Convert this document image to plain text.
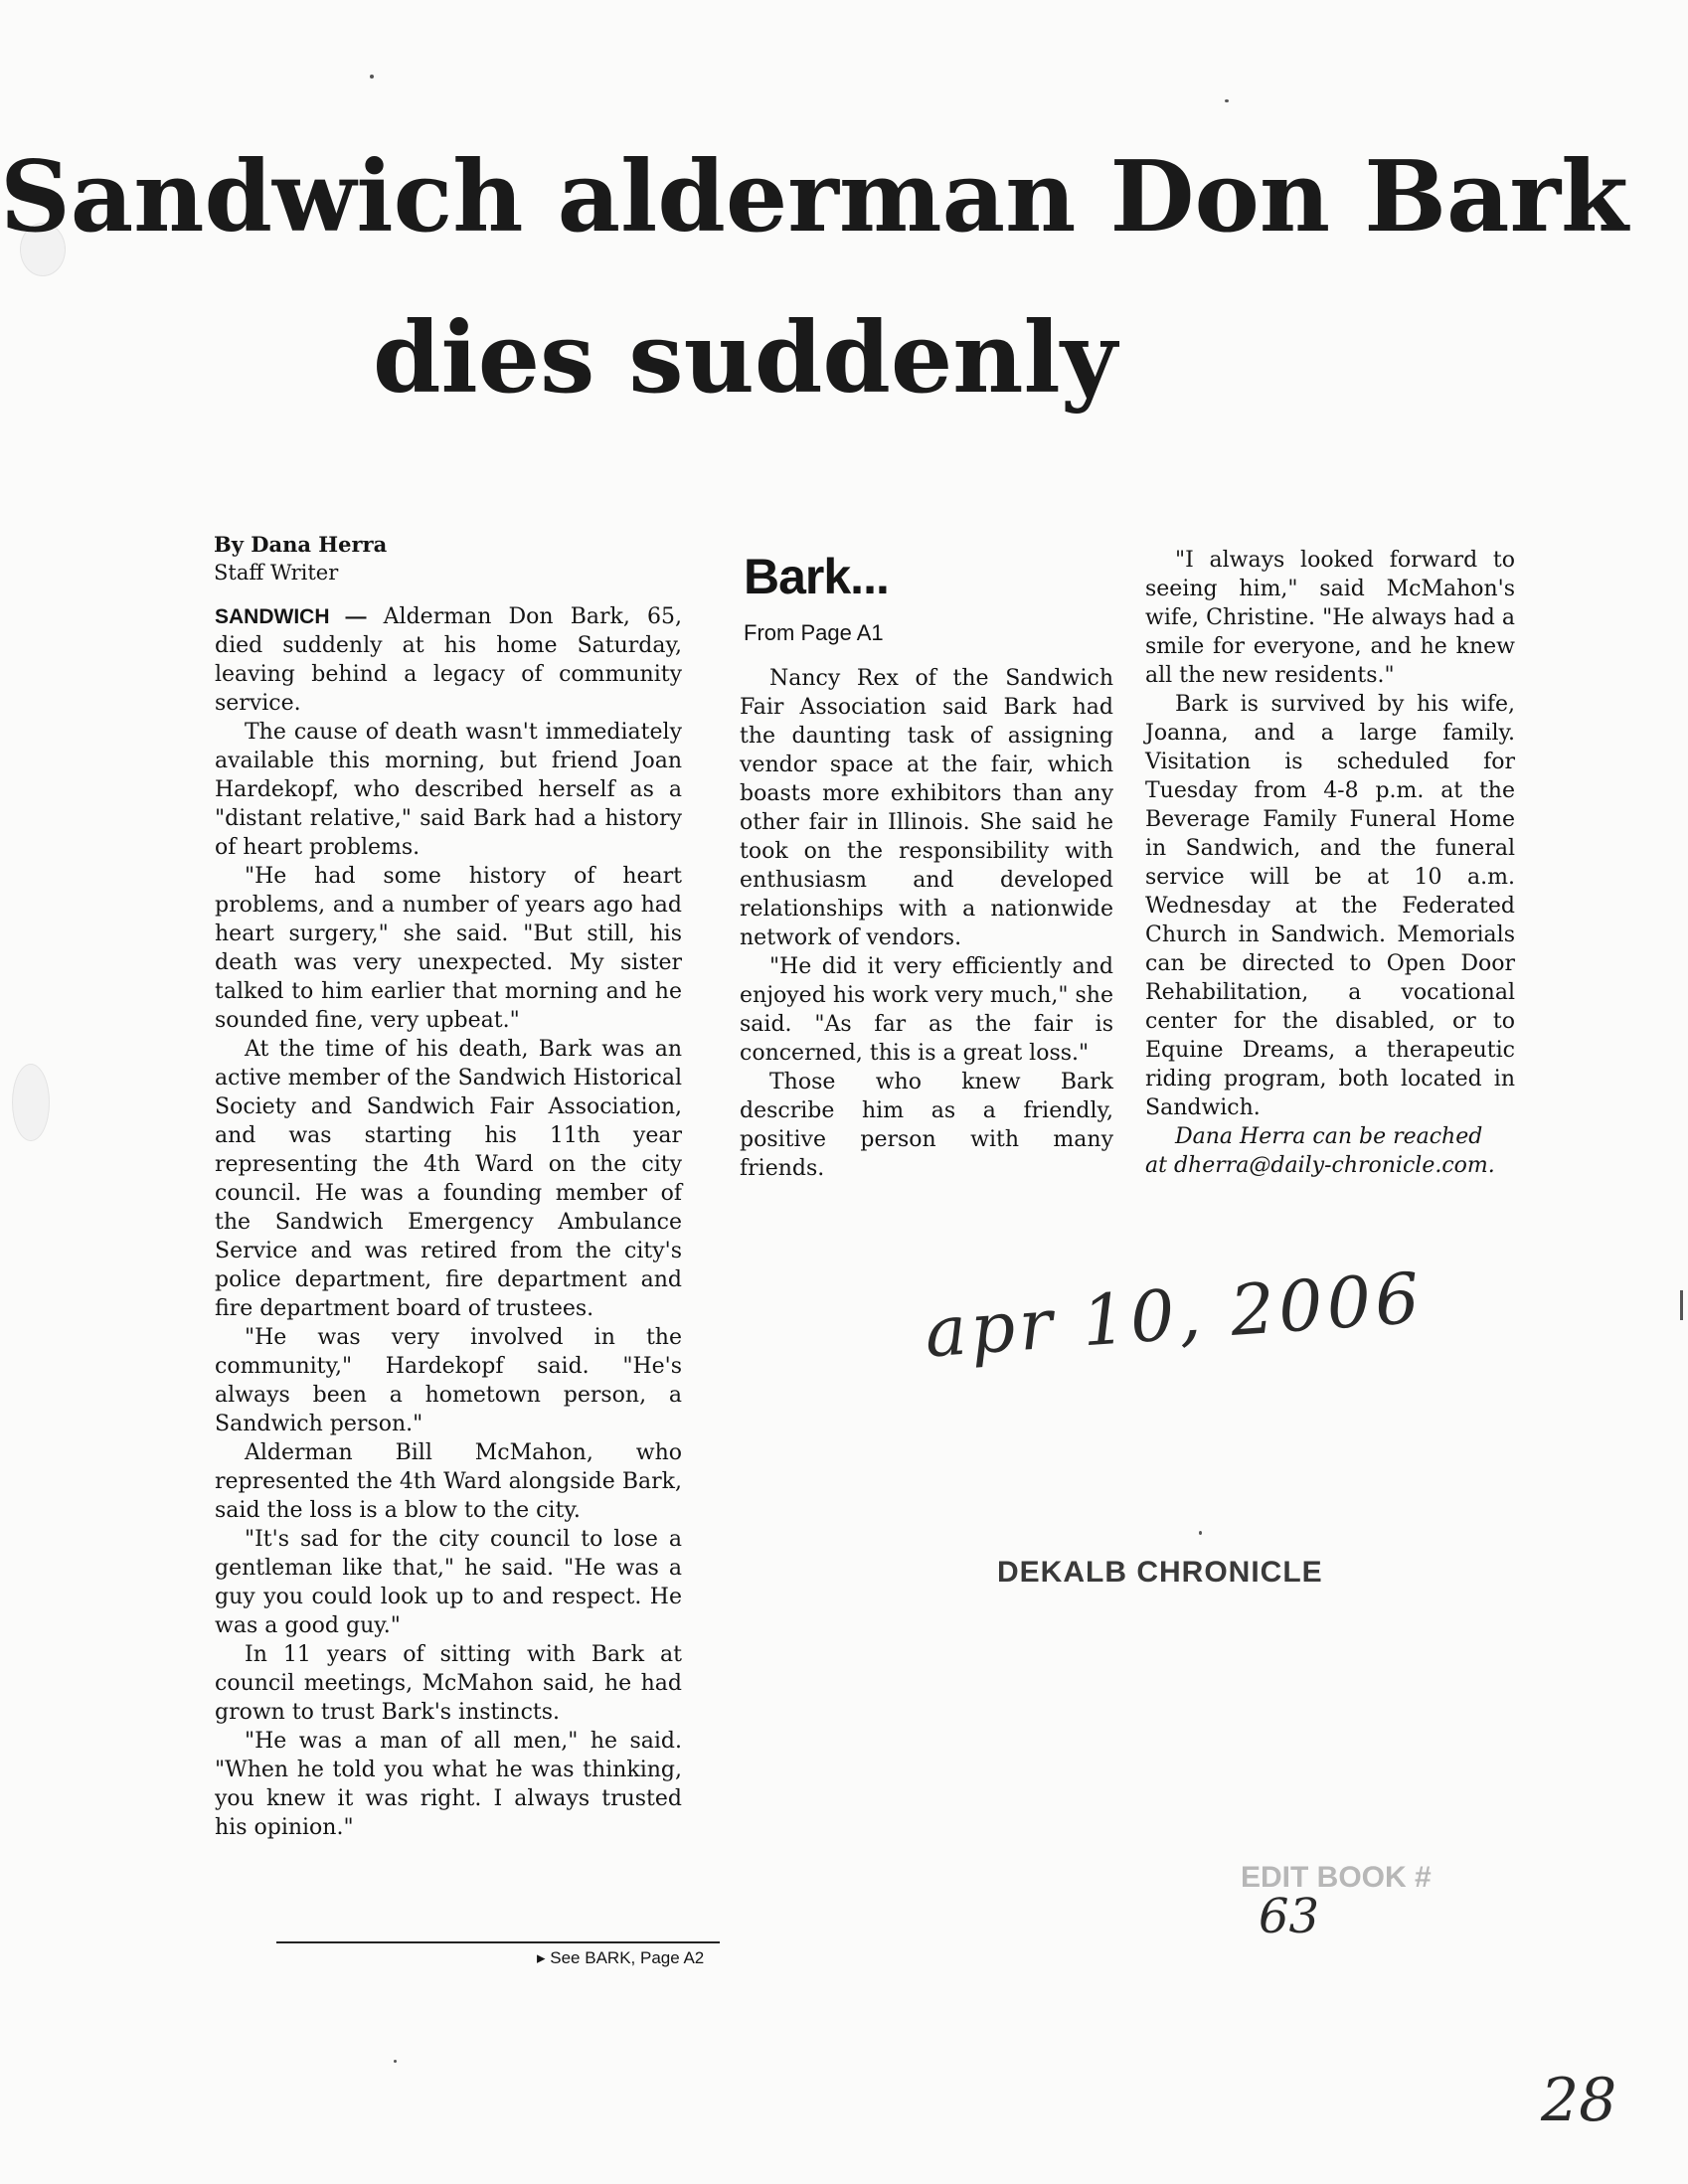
Sandwich alderman Don Bark
dies suddenly
By Dana Herra
Staff Writer

SANDWICH — Alderman Don Bark, 65, died suddenly at his home Saturday, leaving behind a legacy of community service.

The cause of death wasn't immediately available this morning, but friend Joan Hardekopf, who described herself as a "distant relative," said Bark had a history of heart problems.

"He had some history of heart problems, and a number of years ago had heart surgery," she said. "But still, his death was very unexpected. My sister talked to him earlier that morning and he sounded fine, very upbeat."

At the time of his death, Bark was an active member of the Sandwich Historical Society and Sandwich Fair Association, and was starting his 11th year representing the 4th Ward on the city council. He was a founding member of the Sandwich Emergency Ambulance Service and was retired from the city's police department, fire department and fire department board of trustees.

"He was very involved in the community," Hardekopf said. "He's always been a hometown person, a Sandwich person."

Alderman Bill McMahon, who represented the 4th Ward alongside Bark, said the loss is a blow to the city.

"It's sad for the city council to lose a gentleman like that," he said. "He was a guy you could look up to and respect. He was a good guy."

In 11 years of sitting with Bark at council meetings, McMahon said, he had grown to trust Bark's instincts.

"He was a man of all men," he said. "When he told you what he was thinking, you knew it was right. I always trusted his opinion."

▸ See BARK, Page A2
Bark...
From Page A1

Nancy Rex of the Sandwich Fair Association said Bark had the daunting task of assigning vendor space at the fair, which boasts more exhibitors than any other fair in Illinois. She said he took on the responsibility with enthusiasm and developed relationships with a nationwide network of vendors.

"He did it very efficiently and enjoyed his work very much," she said. "As far as the fair is concerned, this is a great loss."

Those who knew Bark describe him as a friendly, positive person with many friends.

"I always looked forward to seeing him," said McMahon's wife, Christine. "He always had a smile for everyone, and he knew all the new residents."

Bark is survived by his wife, Joanna, and a large family. Visitation is scheduled for Tuesday from 4-8 p.m. at the Beverage Family Funeral Home in Sandwich, and the funeral service will be at 10 a.m. Wednesday at the Federated Church in Sandwich. Memorials can be directed to Open Door Rehabilitation, a vocational center for the disabled, or to Equine Dreams, a therapeutic riding program, both located in Sandwich.

Dana Herra can be reached
at dherra@daily-chronicle.com.

apr 10, 2006
DEKALB CHRONICLE
EDIT BOOK #
63
28
